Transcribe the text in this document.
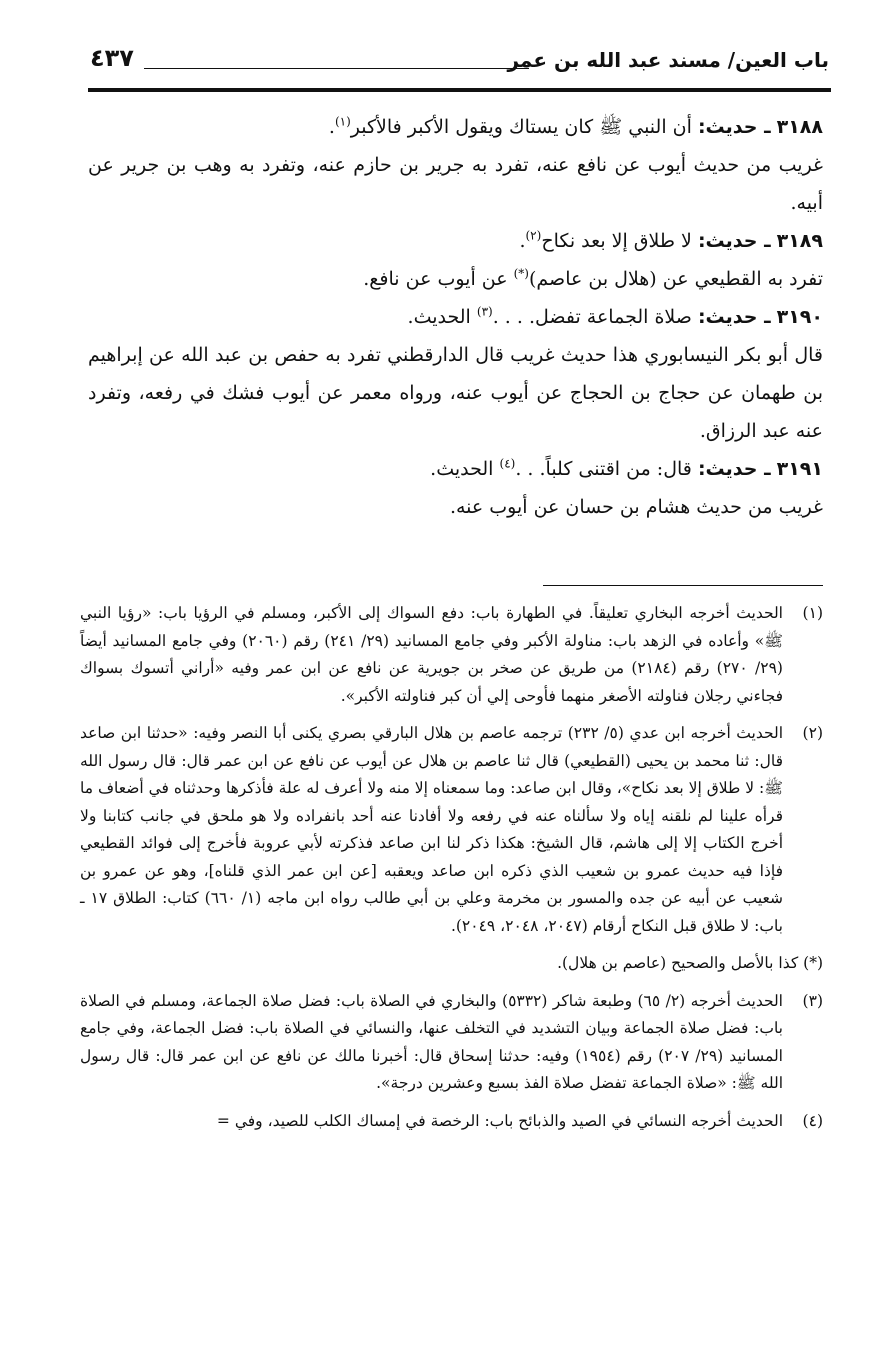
باب العين/ مسند عبد الله بن عمر
٤٣٧

٣١٨٨ ـ حديث: أن النبي ﷺ كان يستاك ويقول الأكبر فالأكبر$^{(١)}$.

غريب من حديث أيوب عن نافع عنه، تفرد به جرير بن حازم عنه، وتفرد به وهب بن جرير عن أبيه.

٣١٨٩ ـ حديث: لا طلاق إلا بعد نكاح$^{(٢)}$.

تفرد به القطيعي عن (هلال بن عاصم)(*) عن أيوب عن نافع.

٣١٩٠ ـ حديث: صلاة الجماعة تفضل. . . .$^{(٣)}$ الحديث.

قال أبو بكر النيسابوري هذا حديث غريب قال الدارقطني تفرد به حفص بن عبد الله عن إبراهيم بن طهمان عن حجاج بن الحجاج عن أيوب عنه، ورواه معمر عن أيوب فشك في رفعه، وتفرد عنه عبد الرزاق.

٣١٩١ ـ حديث: قال: من اقتنى كلباً. . .$^{(٤)}$ الحديث.

غريب من حديث هشام بن حسان عن أيوب عنه.

(١)
الحديث أخرجه البخاري تعليقاً. في الطهارة باب: دفع السواك إلى الأكبر، ومسلم في الرؤيا باب: «رؤيا النبي ﷺ» وأعاده في الزهد باب: مناولة الأكبر وفي جامع المسانيد (٢٩/ ٢٤١) رقم (٢٠٦٠) وفي جامع المسانيد أيضاً (٢٩/ ٢٧٠) رقم (٢١٨٤) من طريق عن صخر بن جويرية عن نافع عن ابن عمر وفيه «أراني أتسوك بسواك فجاءني رجلان فناولته الأصغر منهما فأوحى إلي أن كبر فناولته الأكبر».

(٢)
الحديث أخرجه ابن عدي (٥/ ٢٣٢) ترجمه عاصم بن هلال البارقي بصري يكنى أبا النصر وفيه: «حدثنا ابن صاعد قال: ثنا محمد بن يحيى (القطيعي) قال ثنا عاصم بن هلال عن أيوب عن نافع عن ابن عمر قال: قال رسول الله ﷺ: لا طلاق إلا بعد نكاح»، وقال ابن صاعد: وما سمعناه إلا منه ولا أعرف له علة فأذكرها وحدثناه في أضعاف ما قرأه علينا لم نلقنه إياه ولا سألناه عنه في رفعه ولا أفادنا عنه أحد بانفراده ولا هو ملحق في جانب كتابنا ولا أخرج الكتاب إلا إلى هاشم، قال الشيخ: هكذا ذكر لنا ابن صاعد فذكرته لأبي عروبة فأخرج إلى فوائد القطيعي فإذا فيه حديث عمرو بن شعيب الذي ذكره ابن صاعد ويعقبه [عن ابن عمر الذي قلناه]، وهو عن عمرو بن شعيب عن أبيه عن جده والمسور بن مخرمة وعلي بن أبي طالب رواه ابن ماجه (١/ ٦٦٠) كتاب: الطلاق ١٧ ـ باب: لا طلاق قبل النكاح أرقام (٢٠٤٧، ٢٠٤٨، ٢٠٤٩).

(*) كذا بالأصل والصحيح (عاصم بن هلال).

(٣)
الحديث أخرجه (٢/ ٦٥) وطبعة شاكر (٥٣٣٢) والبخاري في الصلاة باب: فضل صلاة الجماعة، ومسلم في الصلاة باب: فضل صلاة الجماعة وبيان التشديد في التخلف عنها، والنسائي في الصلاة باب: فضل الجماعة، وفي جامع المسانيد (٢٩/ ٢٠٧) رقم (١٩٥٤) وفيه: حدثنا إسحاق قال: أخبرنا مالك عن نافع عن ابن عمر قال: قال رسول الله ﷺ: «صلاة الجماعة تفضل صلاة الفذ بسبع وعشرين درجة».

(٤)
الحديث أخرجه النسائي في الصيد والذبائح باب: الرخصة في إمساك الكلب للصيد، وفي =
